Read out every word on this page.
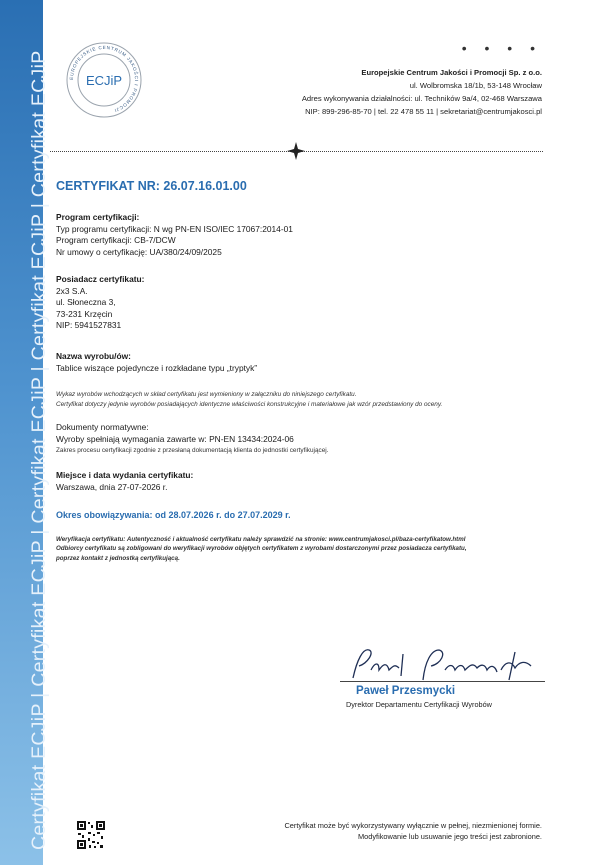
Certyfikat ECJiP | Certyfikat ECJiP | Certyfikat ECJiP | Certyfikat ECJiP | Certyfikat ECJiP	EUROPEJSKIE CENTRUM JAKOŚCI I PROMOCJI
ECJiP
• • • •
Europejskie Centrum Jakości i Promocji Sp. z o.o.
ul. Wolbromska 18/1b, 53-148 Wrocław
Adres wykonywania działalności: ul. Techników 9a/4, 02-468 Warszawa
NIP: 899-296-85-70 | tel. 22 478 55 11 | sekretariat@centrumjakosci.pl
CERTYFIKAT NR: 26.07.16.01.00
Program certyfikacji:
Typ programu certyfikacji: N wg PN-EN ISO/IEC 17067:2014-01
Program certyfikacji: CB-7/DCW
Nr umowy o certyfikację: UA/380/24/09/2025
Posiadacz certyfikatu:
2x3 S.A.
ul. Słoneczna 3,
73-231 Krzęcin
NIP: 5941527831
Nazwa wyrobu/ów:
Tablice wiszące pojedyncze i rozkładane typu „tryptyk”
Wykaz wyrobów wchodzących w skład certyfikatu jest wymieniony w załączniku do niniejszego certyfikatu.
Certyfikat dotyczy jedynie wyrobów posiadających identyczne właściwości konstrukcyjne i materiałowe jak wzór przedstawiony do oceny.
Dokumenty normatywne:
Wyroby spełniają wymagania zawarte w: PN-EN 13434:2024-06
Zakres procesu certyfikacji zgodnie z przesłaną dokumentacją klienta do jednostki certyfikującej.
Miejsce i data wydania certyfikatu:
Warszawa, dnia 27-07-2026 r.
Okres obowiązywania: od 28.07.2026 r. do 27.07.2029 r.
Weryfikacja certyfikatu: Autentyczność i aktualność certyfikatu należy sprawdzić na stronie: www.centrumjakosci.pl/baza-certyfikatow.html
Odbiorcy certyfikatu są zobligowani do weryfikacji wyrobów objętych certyfikatem z wyrobami dostarczonymi przez posiadacza certyfikatu,
poprzez kontakt z jednostką certyfikującą.
Paweł Przesmycki
Dyrektor Departamentu Certyfikacji Wyrobów
Certyfikat może być wykorzystywany wyłącznie w pełnej, niezmienionej formie.
Modyfikowanie lub usuwanie jego treści jest zabronione.
